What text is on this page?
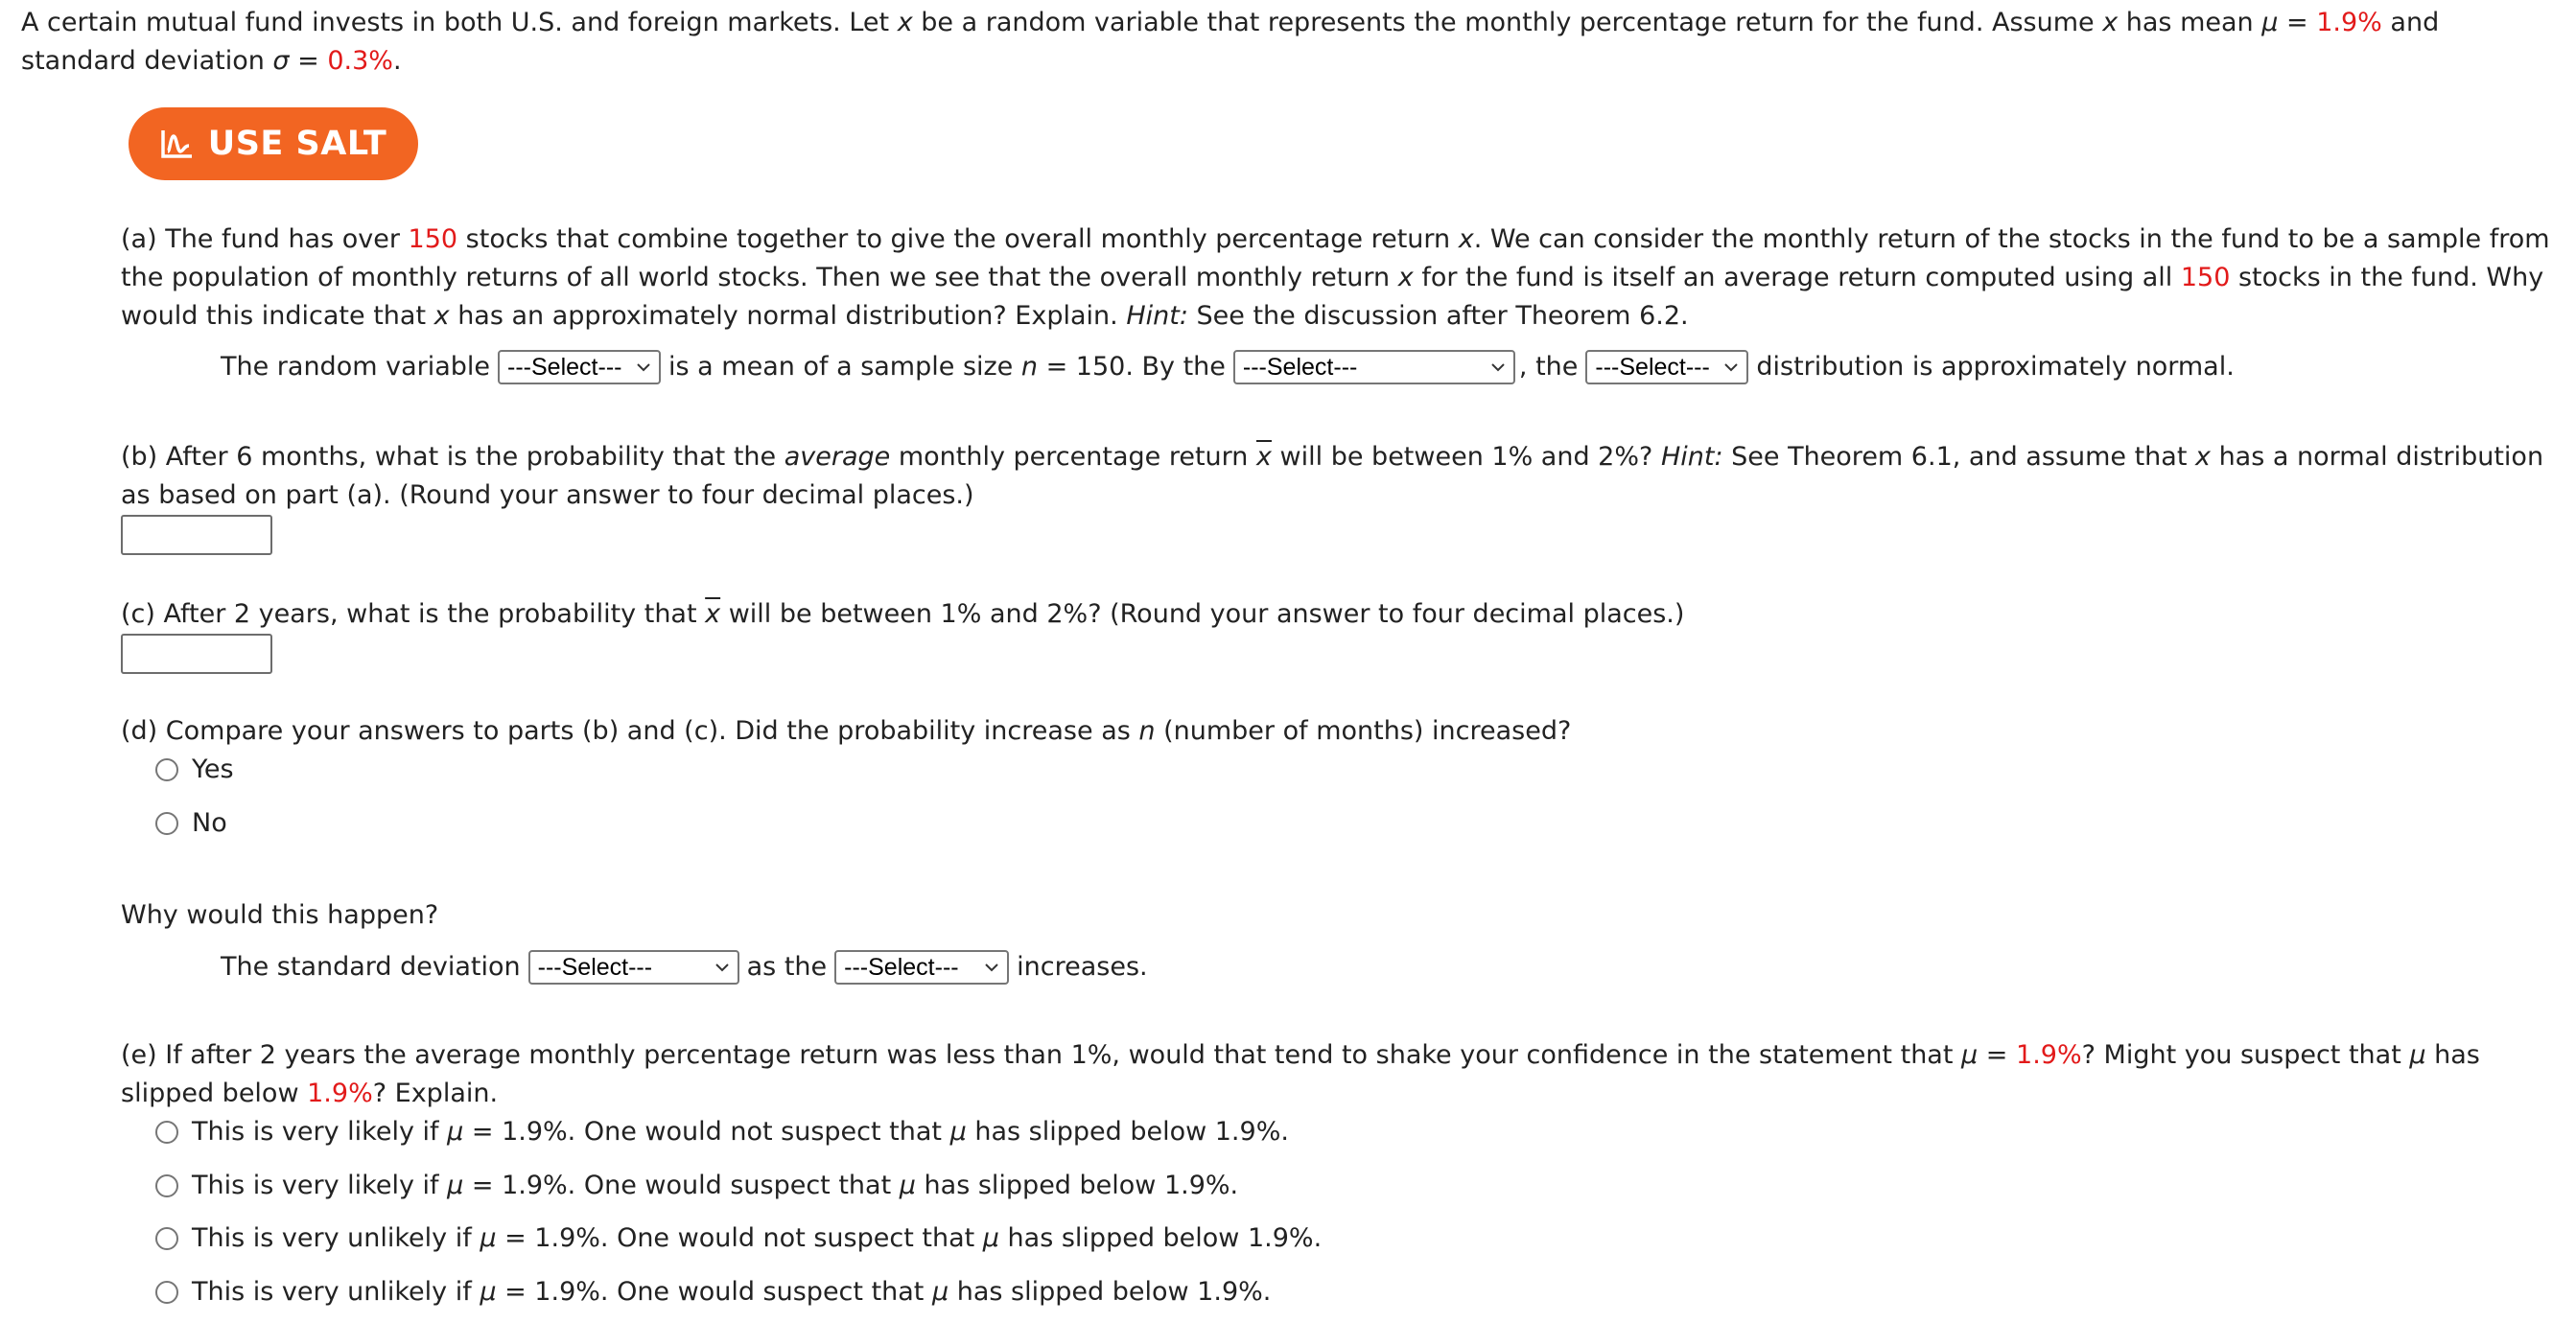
A certain mutual fund invests in both U.S. and foreign markets. Let x be a random variable that represents the monthly percentage return for the fund. Assume x has mean μ = 1.9% and standard deviation σ = 0.3%.
USE SALT
(a) The fund has over 150 stocks that combine together to give the overall monthly percentage return x. We can consider the monthly return of the stocks in the fund to be a sample from the population of monthly returns of all world stocks. Then we see that the overall monthly return x for the fund is itself an average return computed using all 150 stocks in the fund. Why would this indicate that x has an approximately normal distribution? Explain. Hint: See the discussion after Theorem 6.2.
The random variable ---Select--- is a mean of a sample size n = 150. By the ---Select---	, the ---Select--- distribution is approximately normal.
(b) After 6 months, what is the probability that the average monthly percentage return $\overline{x}$ will be between 1% and 2%? Hint: See Theorem 6.1, and assume that x has a normal distribution as based on part (a). (Round your answer to four decimal places.)
(c) After 2 years, what is the probability that $\overline{x}$ will be between 1% and 2%? (Round your answer to four decimal places.)
(d) Compare your answers to parts (b) and (c). Did the probability increase as n (number of months) increased?
Yes
No
Why would this happen?
The standard deviation ---Select---	as the ---Select--- increases.
(e) If after 2 years the average monthly percentage return was less than 1%, would that tend to shake your confidence in the statement that μ = 1.9%? Might you suspect that μ has slipped below 1.9%? Explain.
This is very likely if μ = 1.9%. One would not suspect that μ has slipped below 1.9%.
This is very likely if μ = 1.9%. One would suspect that μ has slipped below 1.9%.
This is very unlikely if μ = 1.9%. One would not suspect that μ has slipped below 1.9%.
This is very unlikely if μ = 1.9%. One would suspect that μ has slipped below 1.9%.
